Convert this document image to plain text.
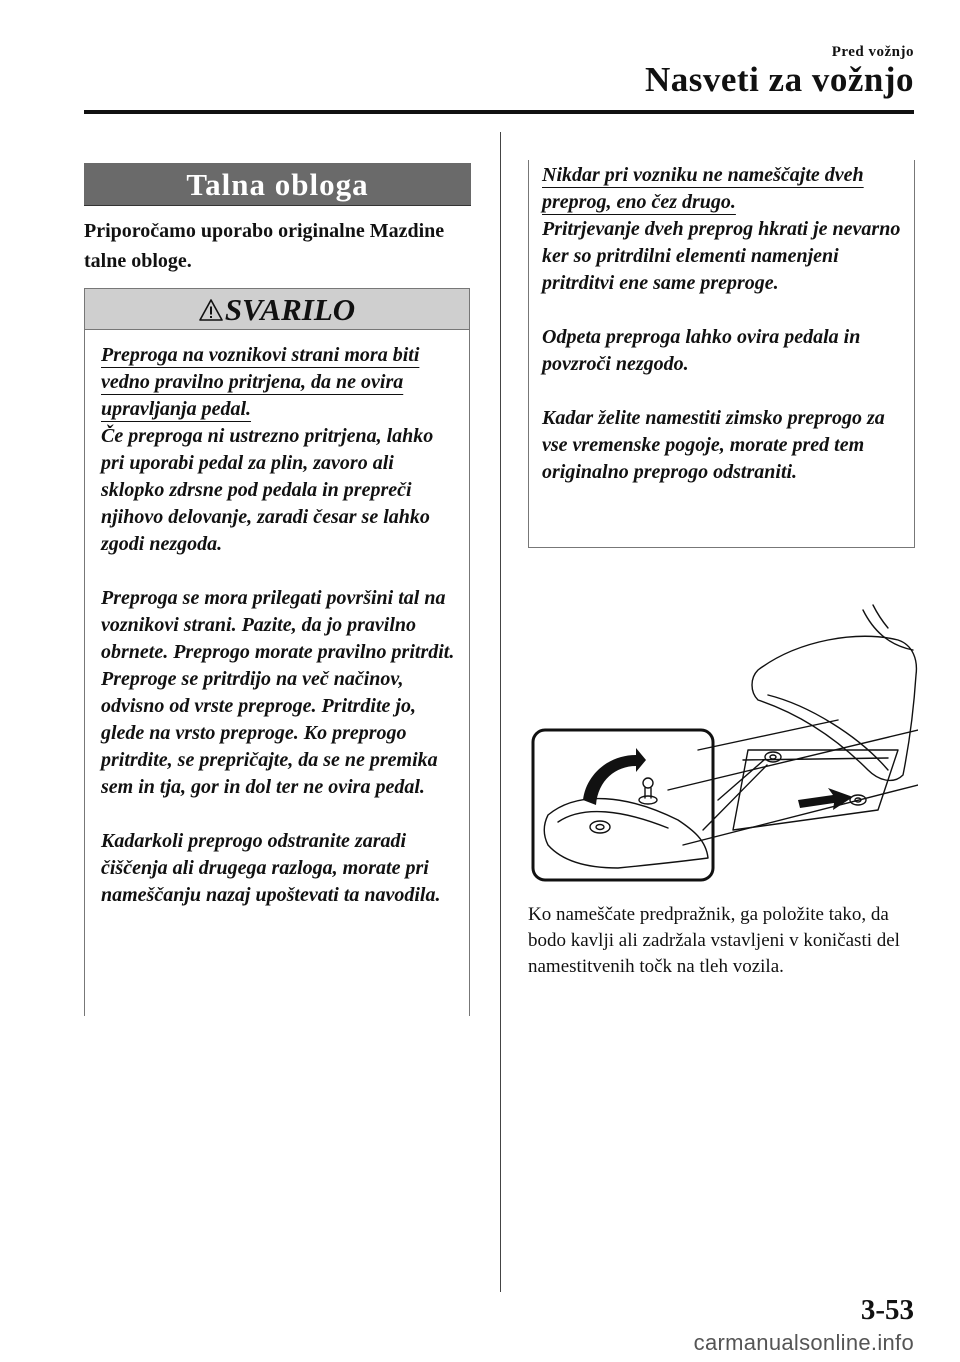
Pred vožnjo
Nasveti za vožnjo
Talna obloga
Priporočamo uporabo originalne Mazdine talne obloge.
SVARILO

Preproga na voznikovi strani mora biti vedno pravilno pritrjena, da ne ovira upravljanja pedal.
Če preproga ni ustrezno pritrjena, lahko pri uporabi pedal za plin, zavoro ali sklopko zdrsne pod pedala in prepreči njihovo delovanje, zaradi česar se lahko zgodi nezgoda.

Preproga se mora prilegati površini tal na voznikovi strani. Pazite, da jo pravilno obrnete. Preprogo morate pravilno pritrdit. Preproge se pritrdijo na več načinov, odvisno od vrste preproge. Pritrdite jo, glede na vrsto preproge. Ko preprogo pritrdite, se prepričajte, da se ne premika sem in tja, gor in dol ter ne ovira pedal.

Kadarkoli preprogo odstranite zaradi čiščenja ali drugega razloga, morate pri nameščanju nazaj upoštevati ta navodila.

Nikdar pri vozniku ne nameščajte dveh preprog, eno čez drugo.
Pritrjevanje dveh preprog hkrati je nevarno ker so pritrdilni elementi namenjeni pritrditvi ene same preproge.

Odpeta preproga lahko ovira pedala in povzroči nezgodo.

Kadar želite namestiti zimsko preprogo za vse vremenske pogoje, morate pred tem originalno preprogo odstraniti.

Ko nameščate predpražnik, ga položite tako, da bodo kavlji ali zadržala vstavljeni v koničasti del namestitvenih točk na tleh vozila.
3-53
carmanualsonline.info
